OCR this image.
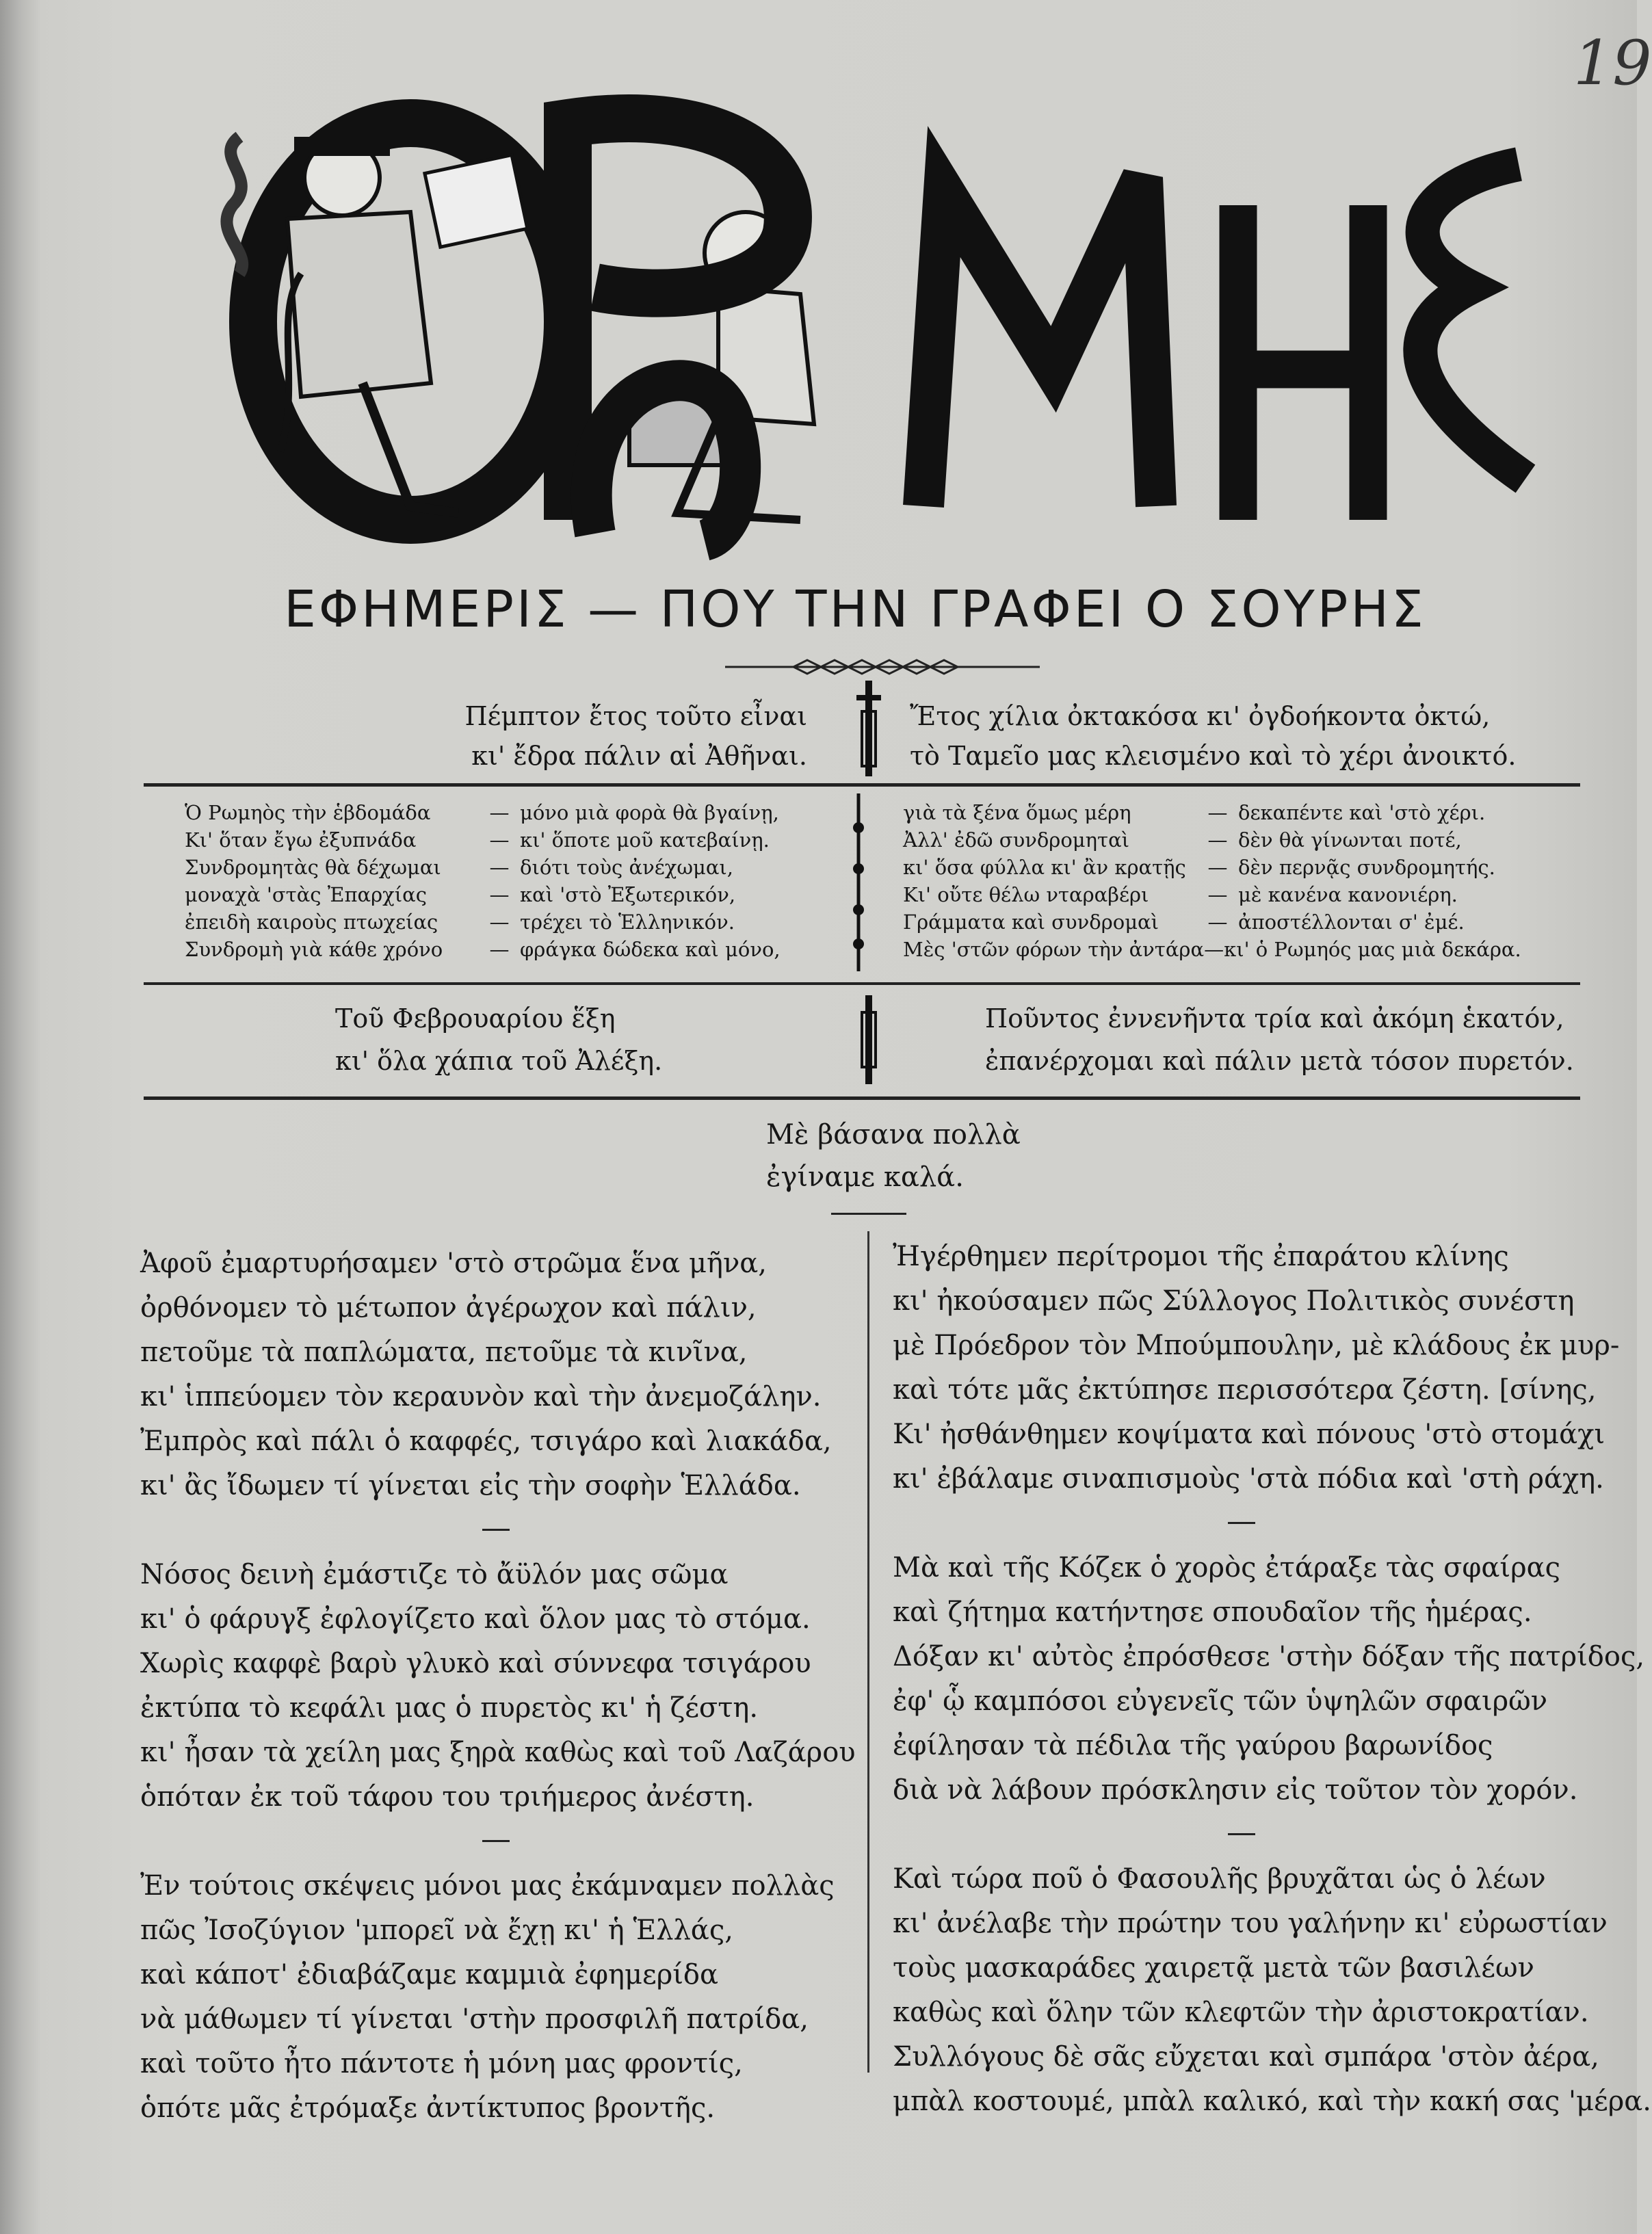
19
Ο ΡΩΜΗΟΣ
ΕΦΗΜΕΡΙΣ — ΠΟΥ ΤΗΝ ΓΡΑΦΕΙ Ο ΣΟΥΡΗΣ
Πέμπτον ἔτος τοῦτο εἶναι
κι' ἔδρα πάλιν αἱ Ἀθῆναι.
Ἔτος χίλια ὀκτακόσα κι' ὀγδοήκοντα ὀκτώ,
τὸ Ταμεῖο μας κλεισμένο καὶ τὸ χέρι ἀνοικτό.
Ὁ Ρωμηὸς τὴν ἑβδομάδα	— μόνο μιὰ φορὰ θὰ βγαίνῃ,
Κι' ὅταν ἔγω ἐξυπνάδα	— κι' ὅποτε μοῦ κατεβαίνῃ.
Συνδρομητὰς θὰ δέχωμαι	— διότι τοὺς ἀνέχωμαι,
μοναχὰ 'στὰς Ἐπαρχίας	— καὶ 'στὸ Ἐξωτερικόν,
ἐπειδὴ καιροὺς πτωχείας	— τρέχει τὸ Ἑλληνικόν.
Συνδρομὴ γιὰ κάθε χρόνο	— φράγκα δώδεκα καὶ μόνο,
γιὰ τὰ ξένα ὅμως μέρη	— δεκαπέντε καὶ 'στὸ χέρι.
Ἀλλ' ἐδῶ συνδρομηταὶ	— δὲν θὰ γίνωνται ποτέ,
κι' ὅσα φύλλα κι' ἂν κρατῇς	— δὲν περνᾷς συνδρομητής.
Κι' οὔτε θέλω νταραβέρι	— μὲ κανένα κανονιέρη.
Γράμματα καὶ συνδρομαὶ	— ἀποστέλλονται σ' ἐμέ.
Μὲς 'στῶν φόρων τὴν ἀντάρα—κι' ὁ Ρωμηός μας μιὰ δεκάρα.
Τοῦ Φεβρουαρίου ἕξη
κι' ὅλα χάπια τοῦ Ἀλέξη.
Ποῦντος ἐννενῆντα τρία καὶ ἀκόμη ἑκατόν,
ἐπανέρχομαι καὶ πάλιν μετὰ τόσον πυρετόν.
Μὲ βάσανα πολλὰ
ἐγίναμε καλά.
Ἀφοῦ ἐμαρτυρήσαμεν 'στὸ στρῶμα ἕνα μῆνα,
ὀρθόνομεν τὸ μέτωπον ἀγέρωχον καὶ πάλιν,
πετοῦμε τὰ παπλώματα, πετοῦμε τὰ κινῖνα,
κι' ἱππεύομεν τὸν κεραυνὸν καὶ τὴν ἀνεμοζάλην.
Ἐμπρὸς καὶ πάλι ὁ καφφές, τσιγάρο καὶ λιακάδα,
κι' ἂς ἴδωμεν τί γίνεται εἰς τὴν σοφὴν Ἑλλάδα.
Νόσος δεινὴ ἐμάστιζε τὸ ἄϋλόν μας σῶμα
κι' ὁ φάρυγξ ἐφλογίζετο καὶ ὅλον μας τὸ στόμα.
Χωρὶς καφφὲ βαρὺ γλυκὸ καὶ σύννεφα τσιγάρου
ἐκτύπα τὸ κεφάλι μας ὁ πυρετὸς κι' ἡ ζέστη.
κι' ἦσαν τὰ χείλη μας ξηρὰ καθὼς καὶ τοῦ Λαζάρου
ὁπόταν ἐκ τοῦ τάφου του τριήμερος ἀνέστη.
Ἐν τούτοις σκέψεις μόνοι μας ἐκάμναμεν πολλὰς
πῶς Ἰσοζύγιον 'μπορεῖ νὰ ἔχῃ κι' ἡ Ἑλλάς,
καὶ κάποτ' ἐδιαβάζαμε καμμιὰ ἐφημερίδα
νὰ μάθωμεν τί γίνεται 'στὴν προσφιλῆ πατρίδα,
καὶ τοῦτο ἦτο πάντοτε ἡ μόνη μας φροντίς,
ὁπότε μᾶς ἐτρόμαξε ἀντίκτυπος βροντῆς.
Ἠγέρθημεν περίτρομοι τῆς ἐπαράτου κλίνης
κι' ἠκούσαμεν πῶς Σύλλογος Πολιτικὸς συνέστη
μὲ Πρόεδρον τὸν Μπούμπουλην, μὲ κλάδους ἐκ μυρ-
καὶ τότε μᾶς ἐκτύπησε περισσότερα ζέστη. [σίνης,
Κι' ἠσθάνθημεν κοψίματα καὶ πόνους 'στὸ στομάχι
κι' ἐβάλαμε σιναπισμοὺς 'στὰ πόδια καὶ 'στὴ ράχη.
Μὰ καὶ τῆς Κόζεκ ὁ χορὸς ἐτάραξε τὰς σφαίρας
καὶ ζήτημα κατήντησε σπουδαῖον τῆς ἡμέρας.
Δόξαν κι' αὐτὸς ἐπρόσθεσε 'στὴν δόξαν τῆς πατρίδος,
ἐφ' ᾧ καμπόσοι εὐγενεῖς τῶν ὑψηλῶν σφαιρῶν
ἐφίλησαν τὰ πέδιλα τῆς γαύρου βαρωνίδος
διὰ νὰ λάβουν πρόσκλησιν εἰς τοῦτον τὸν χορόν.
Καὶ τώρα ποῦ ὁ Φασουλῆς βρυχᾶται ὡς ὁ λέων
κι' ἀνέλαβε τὴν πρώτην του γαλήνην κι' εὐρωστίαν
τοὺς μασκαράδες χαιρετᾷ μετὰ τῶν βασιλέων
καθὼς καὶ ὅλην τῶν κλεφτῶν τὴν ἀριστοκρατίαν.
Συλλόγους δὲ σᾶς εὔχεται καὶ σμπάρα 'στὸν ἀέρα,
μπὰλ κοστουμέ, μπὰλ καλικό, καὶ τὴν κακή σας 'μέρα.
